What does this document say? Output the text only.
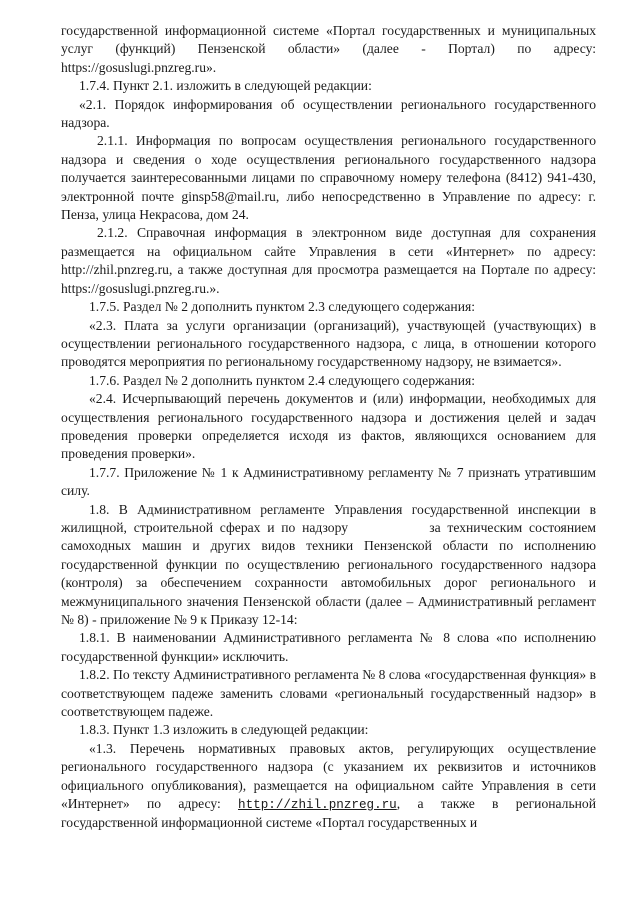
государственной информационной системе «Портал государственных и муниципальных услуг (функций) Пензенской области» (далее - Портал) по адресу: https://gosuslugi.pnzreg.ru».

1.7.4. Пункт 2.1. изложить в следующей редакции:

«2.1. Порядок информирования об осуществлении регионального государственного надзора.

2.1.1. Информация по вопросам осуществления регионального государственного надзора и сведения о ходе осуществления регионального государственного надзора получается заинтересованными лицами по справочному номеру телефона (8412) 941-430, электронной почте ginsp58@mail.ru, либо непосредственно в Управление по адресу: г. Пенза, улица Некрасова, дом 24.

2.1.2. Справочная информация в электронном виде доступная для сохранения размещается на официальном сайте Управления в сети «Интернет» по адресу: http://zhil.pnzreg.ru, а также доступная для просмотра размещается на Портале по адресу: https://gosuslugi.pnzreg.ru.».

1.7.5. Раздел № 2 дополнить пунктом 2.3 следующего содержания:

«2.3. Плата за услуги организации (организаций), участвующей (участвующих) в осуществлении регионального государственного надзора, с лица, в отношении которого проводятся мероприятия по региональному государственному надзору, не взимается».

1.7.6. Раздел № 2 дополнить пунктом 2.4 следующего содержания:

«2.4. Исчерпывающий перечень документов и (или) информации, необходимых для осуществления регионального государственного надзора и достижения целей и задач проведения проверки определяется исходя из фактов, являющихся основанием для проведения проверки».

1.7.7. Приложение № 1 к Административному регламенту № 7 признать утратившим силу.

1.8. В Административном регламенте Управления государственной инспекции в жилищной, строительной сферах и по надзору            за техническим состоянием самоходных машин и других видов техники Пензенской области по исполнению государственной функции по осуществлению регионального государственного надзора (контроля) за обеспечением сохранности автомобильных дорог регионального и межмуниципального значения Пензенской области (далее – Административный регламент № 8) - приложение № 9 к Приказу 12-14:

1.8.1. В наименовании Административного регламента № 8 слова «по исполнению государственной функции» исключить.

1.8.2. По тексту Административного регламента № 8 слова «государственная функция» в соответствующем падеже заменить словами «региональный государственный надзор» в соответствующем падеже.

1.8.3. Пункт 1.3 изложить в следующей редакции:

«1.3. Перечень нормативных правовых актов, регулирующих осуществление регионального государственного надзора (с указанием их реквизитов и источников официального опубликования), размещается на официальном сайте Управления в сети «Интернет» по адресу: http://zhil.pnzreg.ru, а также в региональной государственной информационной системе «Портал государственных и
